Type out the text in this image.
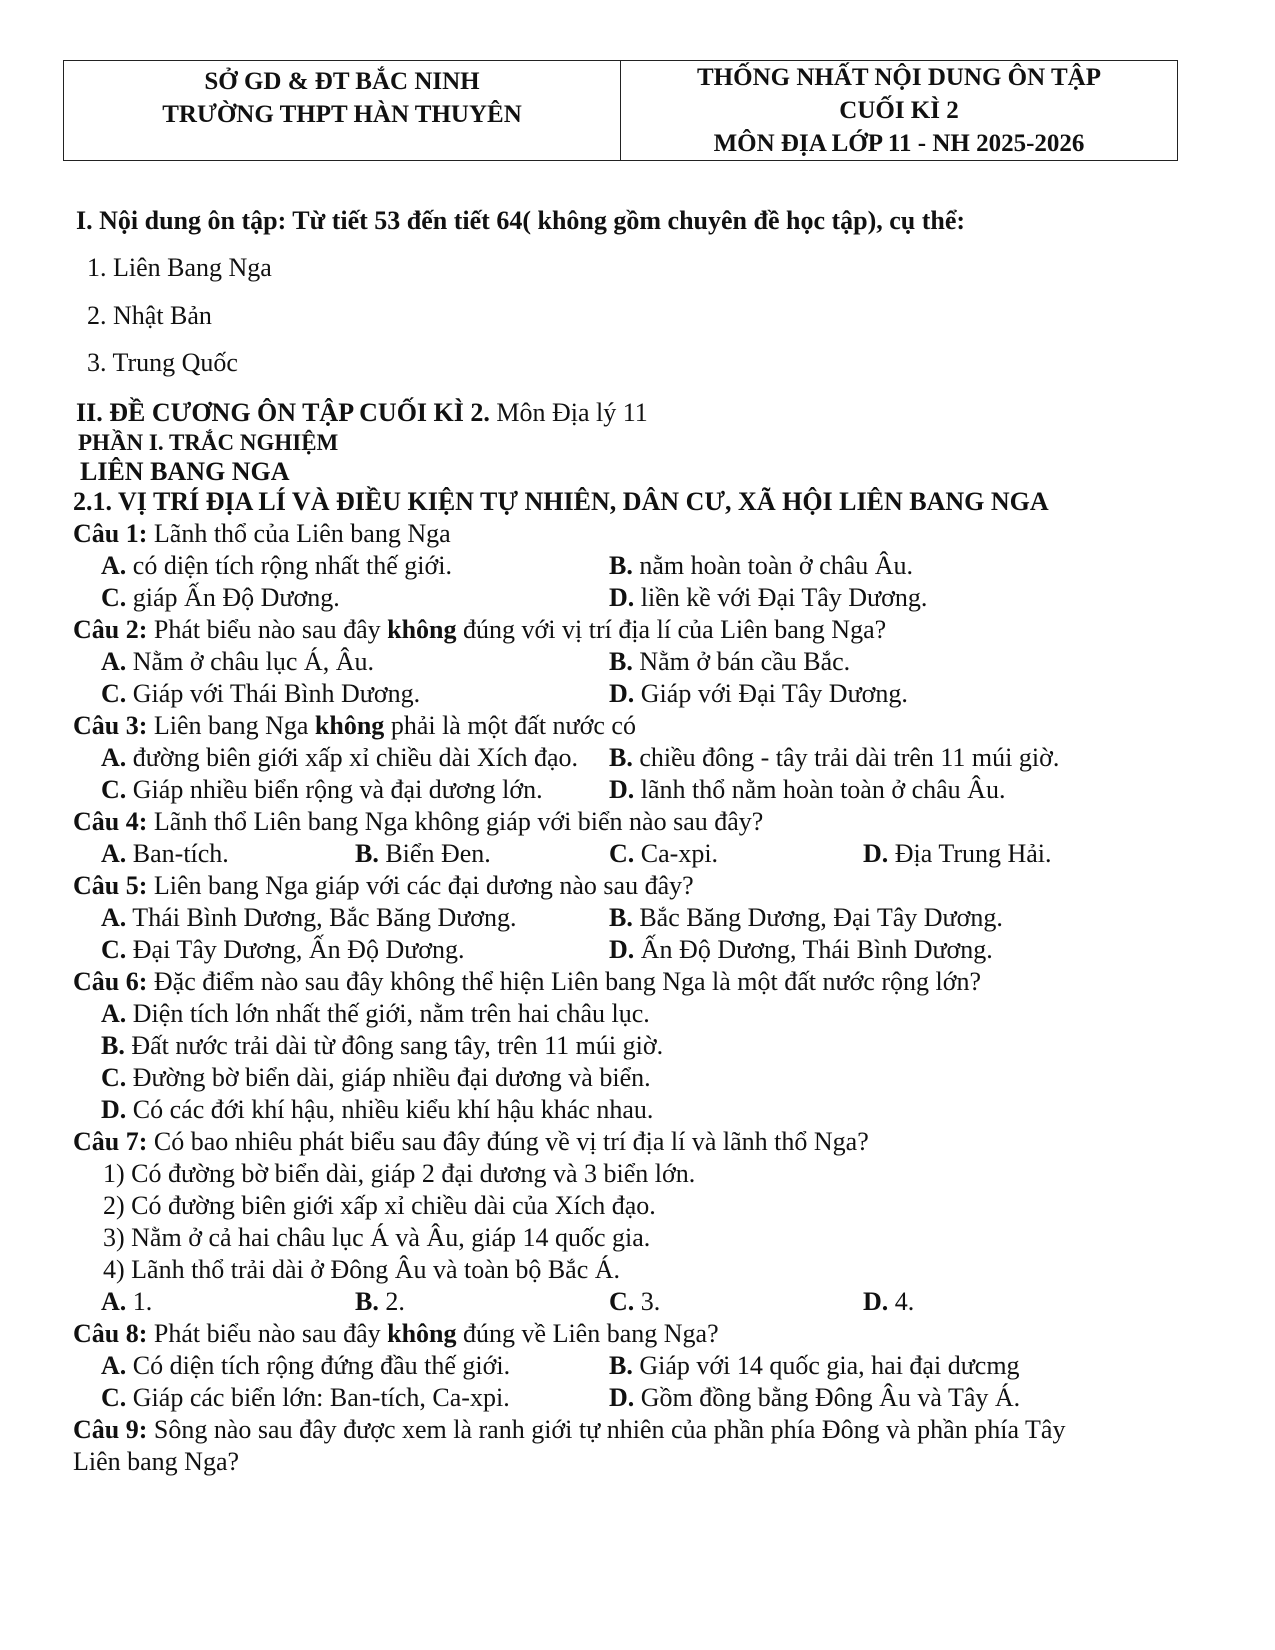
SỞ GD & ĐT BẮC NINH
TRƯỜNG THPT HÀN THUYÊN
THỐNG NHẤT NỘI DUNG ÔN TẬP
CUỐI KÌ 2
MÔN ĐỊA LỚP 11 - NH 2025-2026
I. Nội dung ôn tập: Từ tiết 53 đến tiết 64( không gồm chuyên đề học tập), cụ thể:
1. Liên Bang Nga
2. Nhật Bản
3. Trung Quốc
II. ĐỀ CƯƠNG ÔN TẬP CUỐI KÌ 2. Môn Địa lý 11
PHẦN I. TRẮC NGHIỆM
LIÊN BANG NGA
2.1. VỊ TRÍ ĐỊA LÍ VÀ ĐIỀU KIỆN TỰ NHIÊN, DÂN CƯ, XÃ HỘI LIÊN BANG NGA
Câu 1: Lãnh thổ của Liên bang Nga
A. có diện tích rộng nhất thế giới.	B. nằm hoàn toàn ở châu Âu.
C. giáp Ấn Độ Dương.	D. liền kề với Đại Tây Dương.
Câu 2: Phát biểu nào sau đây không đúng với vị trí địa lí của Liên bang Nga?
A. Nằm ở châu lục Á, Âu.	B. Nằm ở bán cầu Bắc.
C. Giáp với Thái Bình Dương.	D. Giáp với Đại Tây Dương.
Câu 3: Liên bang Nga không phải là một đất nước có
A. đường biên giới xấp xỉ chiều dài Xích đạo. B. chiều đông - tây trải dài trên 11 múi giờ.
C. Giáp nhiều biển rộng và đại dương lớn.	D. lãnh thổ nằm hoàn toàn ở châu Âu.
Câu 4: Lãnh thổ Liên bang Nga không giáp với biển nào sau đây?
A. Ban-tích.	B. Biển Đen.	C. Ca-xpi.	D. Địa Trung Hải.
Câu 5: Liên bang Nga giáp với các đại dương nào sau đây?
A. Thái Bình Dương, Bắc Băng Dương.	B. Bắc Băng Dương, Đại Tây Dương.
C. Đại Tây Dương, Ấn Độ Dương.	D. Ấn Độ Dương, Thái Bình Dương.
Câu 6: Đặc điểm nào sau đây không thể hiện Liên bang Nga là một đất nước rộng lớn?
A. Diện tích lớn nhất thế giới, nằm trên hai châu lục.
B. Đất nước trải dài từ đông sang tây, trên 11 múi giờ.
C. Đường bờ biển dài, giáp nhiều đại dương và biển.
D. Có các đới khí hậu, nhiều kiểu khí hậu khác nhau.
Câu 7: Có bao nhiêu phát biểu sau đây đúng về vị trí địa lí và lãnh thổ Nga?
1) Có đường bờ biển dài, giáp 2 đại dương và 3 biển lớn.
2) Có đường biên giới xấp xỉ chiều dài của Xích đạo.
3) Nằm ở cả hai châu lục Á và Âu, giáp 14 quốc gia.
4) Lãnh thổ trải dài ở Đông Âu và toàn bộ Bắc Á.
A. 1.	B. 2.	C. 3.	D. 4.
Câu 8: Phát biểu nào sau đây không đúng về Liên bang Nga?
A. Có diện tích rộng đứng đầu thế giới.	B. Giáp với 14 quốc gia, hai đại dưcmg
C. Giáp các biển lớn: Ban-tích, Ca-xpi.	D. Gồm đồng bằng Đông Âu và Tây Á.
Câu 9: Sông nào sau đây được xem là ranh giới tự nhiên của phần phía Đông và phần phía Tây
Liên bang Nga?
